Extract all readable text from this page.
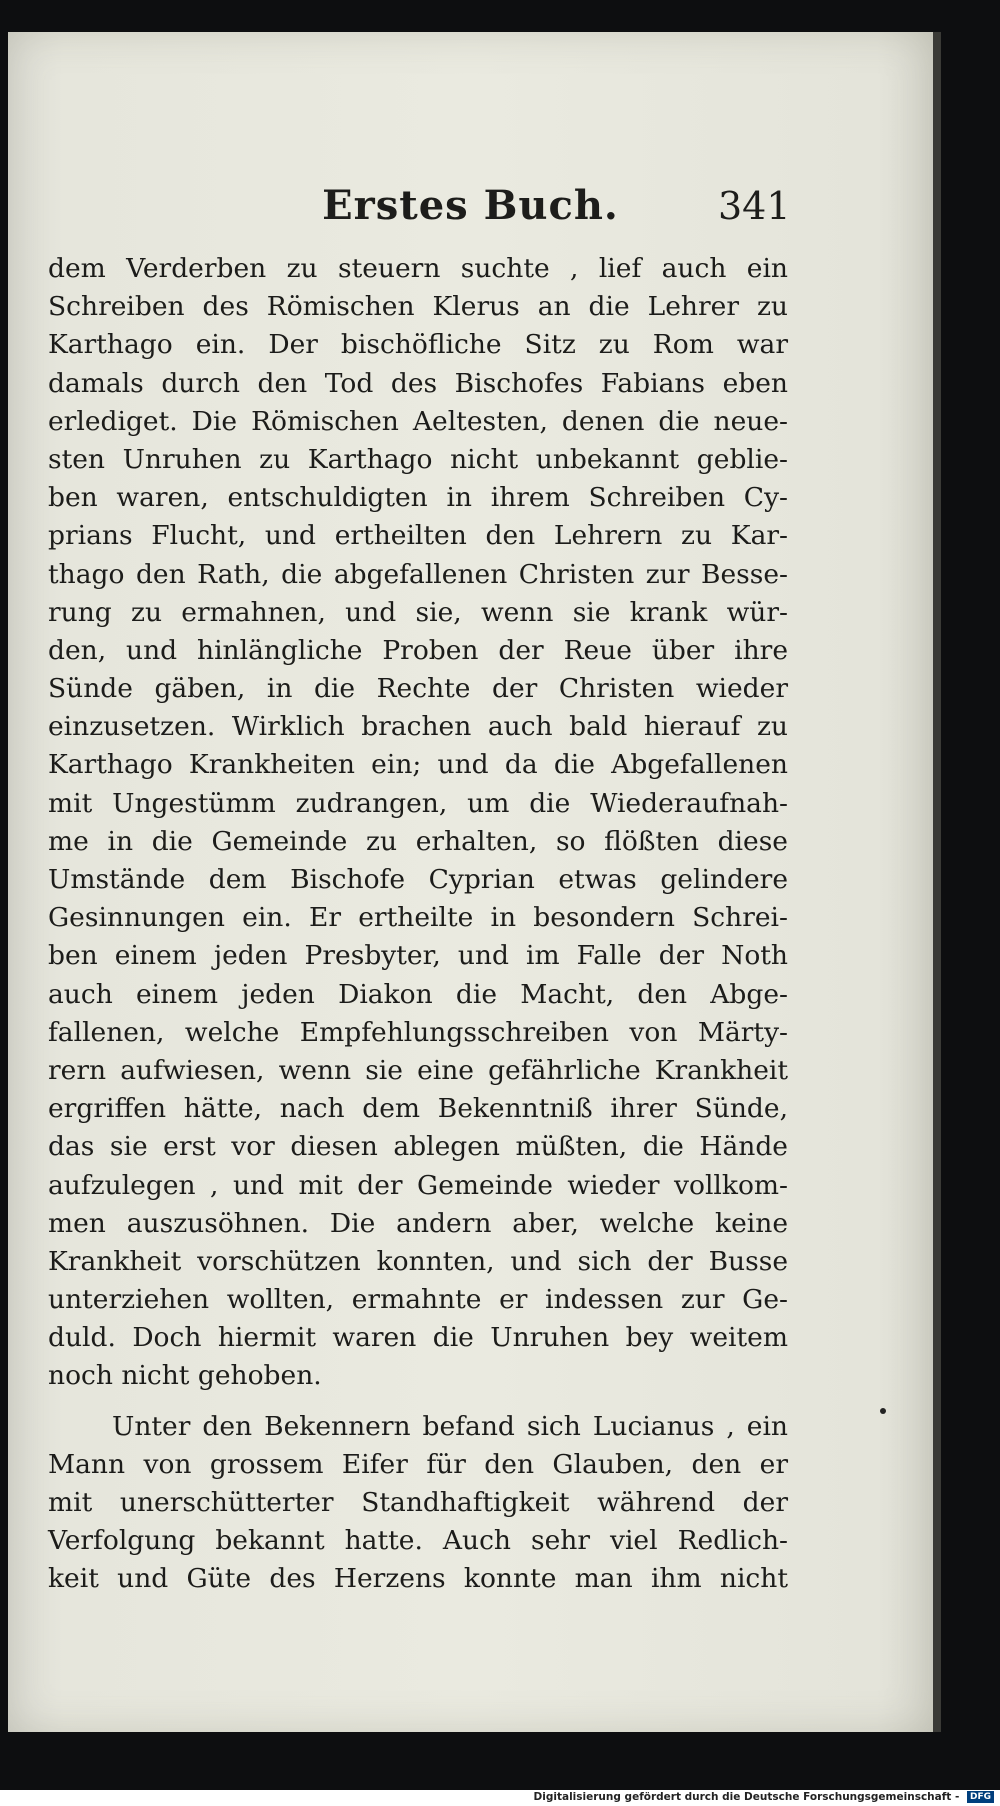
Erstes Buch.	341
dem Verderben zu steuern suchte , lief auch ein
Schreiben des Römischen Klerus an die Lehrer zu
Karthago ein. Der bischöfliche Sitz zu Rom war
damals durch den Tod des Bischofes Fabians eben
erlediget. Die Römischen Aeltesten, denen die neue-
sten Unruhen zu Karthago nicht unbekannt geblie-
ben waren, entschuldigten in ihrem Schreiben Cy-
prians Flucht, und ertheilten den Lehrern zu Kar-
thago den Rath, die abgefallenen Christen zur Besse-
rung zu ermahnen, und sie, wenn sie krank wür-
den, und hinlängliche Proben der Reue über ihre
Sünde gäben, in die Rechte der Christen wieder
einzusetzen. Wirklich brachen auch bald hierauf zu
Karthago Krankheiten ein; und da die Abgefallenen
mit Ungestümm zudrangen, um die Wiederaufnah-
me in die Gemeinde zu erhalten, so flößten diese
Umstände dem Bischofe Cyprian etwas gelindere
Gesinnungen ein. Er ertheilte in besondern Schrei-
ben einem jeden Presbyter, und im Falle der Noth
auch einem jeden Diakon die Macht, den Abge-
fallenen, welche Empfehlungsschreiben von Märty-
rern aufwiesen, wenn sie eine gefährliche Krankheit
ergriffen hätte, nach dem Bekenntniß ihrer Sünde,
das sie erst vor diesen ablegen müßten, die Hände
aufzulegen , und mit der Gemeinde wieder vollkom-
men auszusöhnen. Die andern aber, welche keine
Krankheit vorschützen konnten, und sich der Busse
unterziehen wollten, ermahnte er indessen zur Ge-
duld. Doch hiermit waren die Unruhen bey weitem
noch nicht gehoben.
Unter den Bekennern befand sich Lucianus , ein
Mann von grossem Eifer für den Glauben, den er
mit unerschütterter Standhaftigkeit während der
Verfolgung bekannt hatte. Auch sehr viel Redlich-
keit und Güte des Herzens konnte man ihm nicht
Digitalisierung gefördert durch die Deutsche Forschungsgemeinschaft - DFG
